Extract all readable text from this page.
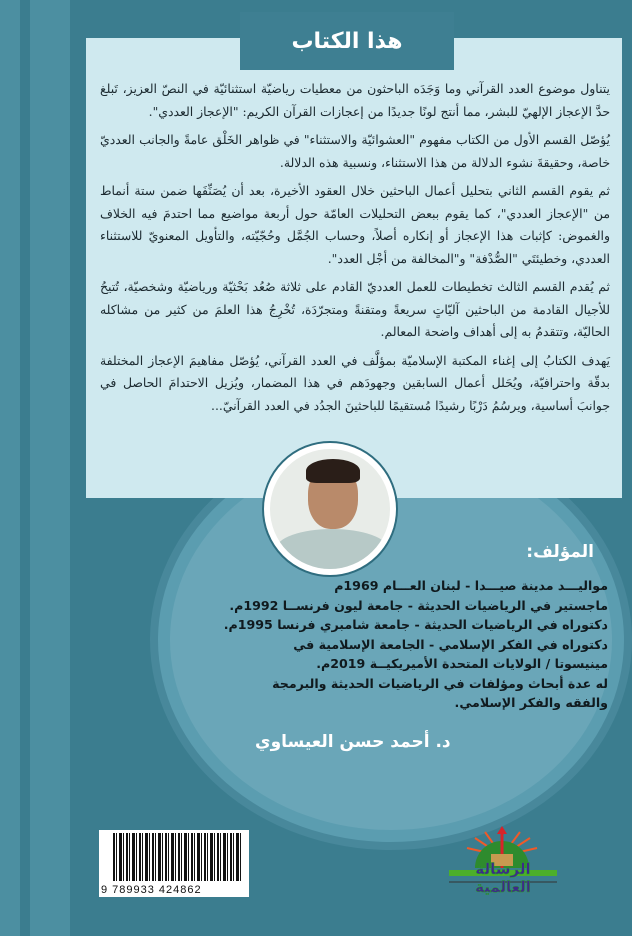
هذا الكتاب

يتناول موضوع العدد القرآني وما وَجَدَه الباحثون من معطيات رياضيّة استثنائيّة في النصّ العزيز، تَبلغ حدَّ الإعجاز الإلهيّ للبشر، مما أنتج لونًا جديدًا من إعجازات القرآن الكريم: "الإعجاز العددي".

يُؤصّل القسم الأول من الكتاب مفهوم "العشوائيّة والاستثناء" في ظواهر الخَلْق عامةً والجانب العدديّ خاصة، وحقيقةَ نشوء الدلالة من هذا الاستثناء، ونسبية هذه الدلالة.

ثم يقوم القسم الثاني بتحليل أعمال الباحثين خلال العقود الأخيرة، بعد أن يُصَنِّفَها ضمن ستة أنماط من "الإعجاز العددي"، كما يقوم ببعض التحليلات العامّة حول أربعة مواضيع مما احتدمَ فيه الخلاف والغموض: كإثبات هذا الإعجاز أو إنكاره أصلاً، وحساب الجُمَّل وحُجّيّته، والتأويل المعنويّ للاستثناء العددي، وخطيئتَي "الصُّدْفة" و"المخالفة من أجْل العدد".

ثم يُقدم القسم الثالث تخطيطات للعمل العدديّ القادم على ثلاثة صُعُد بَحْثيّة ورياضيّة وشخصيّة، تُتيحُ للأجيال القادمة من الباحثين آليّاتٍ سريعةً ومتقنةً ومتجرّدَة، تُخْرِجُ هذا العلمَ من كثير من مشاكله الحاليّة، وتتقدمُ به إلى أهداف واضحة المعالم.

يَهدف الكتابُ إلى إغناء المكتبة الإسلاميّة بمؤلَّف في العدد القرآني، يُؤصّل مفاهيمَ الإعجاز المختلفة بدقّة واحترافيّة، ويُحَلل أعمال السابقين وجهودَهم في هذا المضمار، ويُزيل الاحتدامَ الحاصل في جوانبَ أساسية، ويرسُمُ دَرْبًا رشيدًا مُستقيمًا للباحثينَ الجدُد في العدد القرآنيّ...

المؤلف:
مواليـــد مدينة صيـــدا - لبنان العـــام 1969م
ماجستير في الرياضيات الحديثة - جامعة ليون فرنســا 1992م.
دكتوراه في الرياضيات الحديثة - جامعة شامبري فرنسا 1995م.
دكتوراه في الفكر الإسلامي - الجامعة الإسلامية في
مينيسوتا / الولايات المتحدة الأميريكيــة 2019م.
له عدة أبحاث ومؤلفات في الرياضيات الحديثة والبرمجة
والفقه والفكر الإسلامي.
د. أحمد حسن العيساوي
9 789933 424862
الرسالة العالمية
